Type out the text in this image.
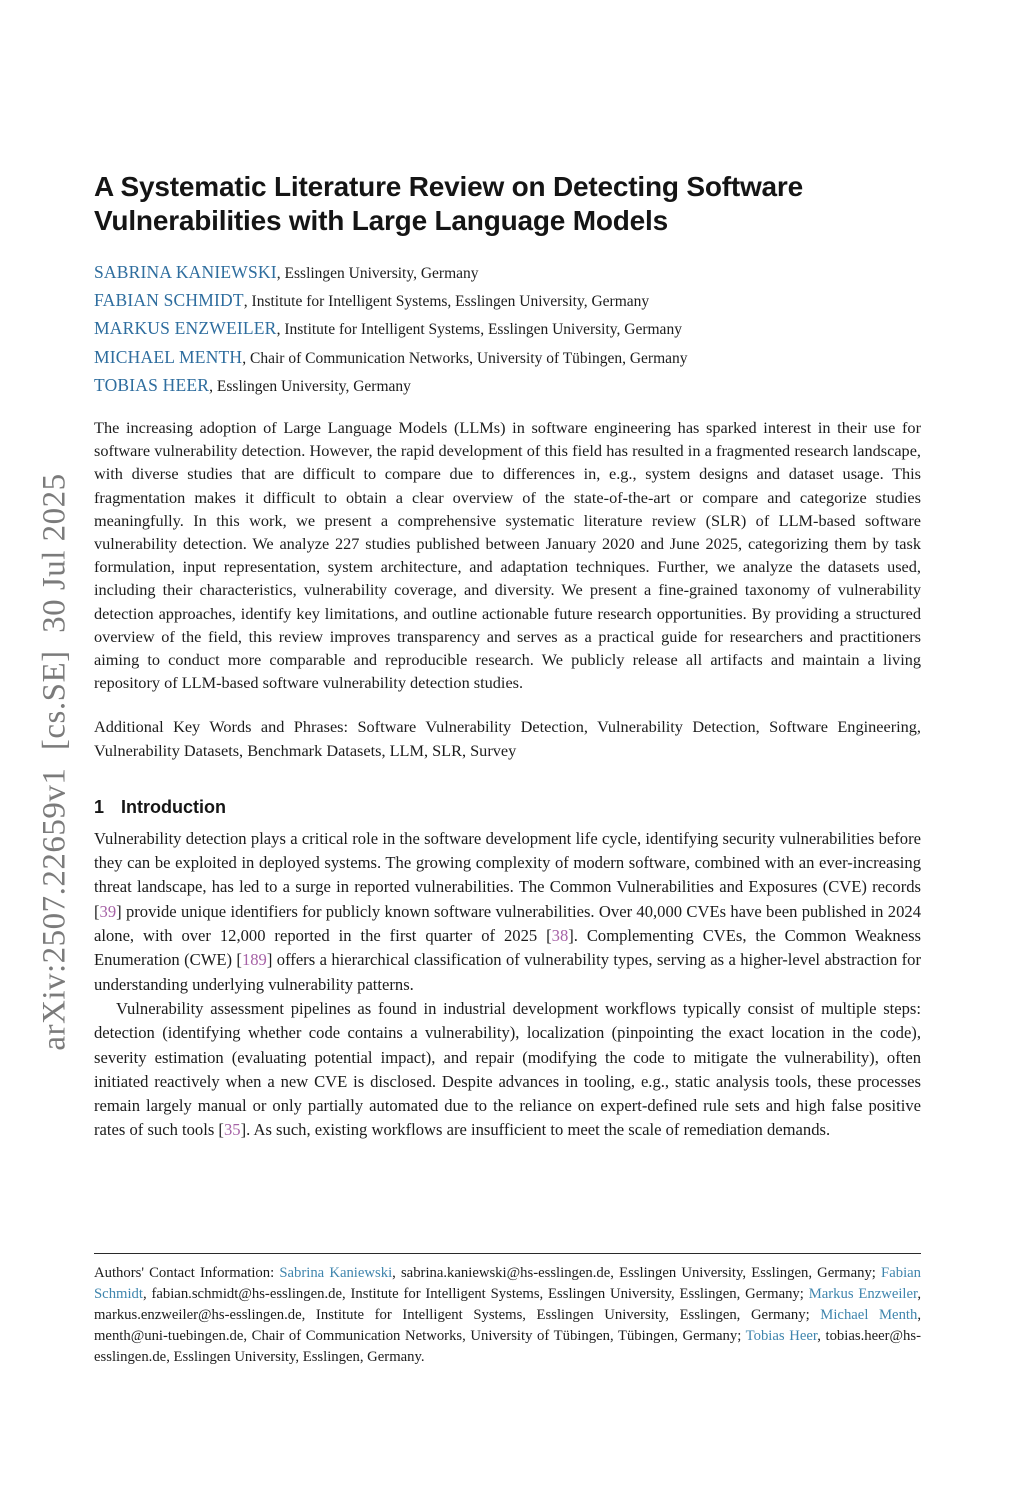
arXiv:2507.22659v1  [cs.SE]  30 Jul 2025
A Systematic Literature Review on Detecting Software
Vulnerabilities with Large Language Models
SABRINA KANIEWSKI, Esslingen University, Germany
FABIAN SCHMIDT, Institute for Intelligent Systems, Esslingen University, Germany
MARKUS ENZWEILER, Institute for Intelligent Systems, Esslingen University, Germany
MICHAEL MENTH, Chair of Communication Networks, University of Tübingen, Germany
TOBIAS HEER, Esslingen University, Germany

The increasing adoption of Large Language Models (LLMs) in software engineering has sparked interest in their use for software vulnerability detection. However, the rapid development of this field has resulted in a fragmented research landscape, with diverse studies that are difficult to compare due to differences in, e.g., system designs and dataset usage. This fragmentation makes it difficult to obtain a clear overview of the state-of-the-art or compare and categorize studies meaningfully. In this work, we present a comprehensive systematic literature review (SLR) of LLM-based software vulnerability detection. We analyze 227 studies published between January 2020 and June 2025, categorizing them by task formulation, input representation, system architecture, and adaptation techniques. Further, we analyze the datasets used, including their characteristics, vulnerability coverage, and diversity. We present a fine-grained taxonomy of vulnerability detection approaches, identify key limitations, and outline actionable future research opportunities. By providing a structured overview of the field, this review improves transparency and serves as a practical guide for researchers and practitioners aiming to conduct more comparable and reproducible research. We publicly release all artifacts and maintain a living repository of LLM-based software vulnerability detection studies.

Additional Key Words and Phrases: Software Vulnerability Detection, Vulnerability Detection, Software Engineering, Vulnerability Datasets, Benchmark Datasets, LLM, SLR, Survey

1 Introduction

Vulnerability detection plays a critical role in the software development life cycle, identifying security vulnerabilities before they can be exploited in deployed systems. The growing complexity of modern software, combined with an ever-increasing threat landscape, has led to a surge in reported vulnerabilities. The Common Vulnerabilities and Exposures (CVE) records [39] provide unique identifiers for publicly known software vulnerabilities. Over 40,000 CVEs have been published in 2024 alone, with over 12,000 reported in the first quarter of 2025 [38]. Complementing CVEs, the Common Weakness Enumeration (CWE) [189] offers a hierarchical classification of vulnerability types, serving as a higher-level abstraction for understanding underlying vulnerability patterns.

Vulnerability assessment pipelines as found in industrial development workflows typically consist of multiple steps: detection (identifying whether code contains a vulnerability), localization (pinpointing the exact location in the code), severity estimation (evaluating potential impact), and repair (modifying the code to mitigate the vulnerability), often initiated reactively when a new CVE is disclosed. Despite advances in tooling, e.g., static analysis tools, these processes remain largely manual or only partially automated due to the reliance on expert-defined rule sets and high false positive rates of such tools [35]. As such, existing workflows are insufficient to meet the scale of remediation demands.

Authors' Contact Information: Sabrina Kaniewski, sabrina.kaniewski@hs-esslingen.de, Esslingen University, Esslingen, Germany; Fabian Schmidt, fabian.schmidt@hs-esslingen.de, Institute for Intelligent Systems, Esslingen University, Esslingen, Germany; Markus Enzweiler, markus.enzweiler@hs-esslingen.de, Institute for Intelligent Systems, Esslingen University, Esslingen, Germany; Michael Menth, menth@uni-tuebingen.de, Chair of Communication Networks, University of Tübingen, Tübingen, Germany; Tobias Heer, tobias.heer@hs-esslingen.de, Esslingen University, Esslingen, Germany.
